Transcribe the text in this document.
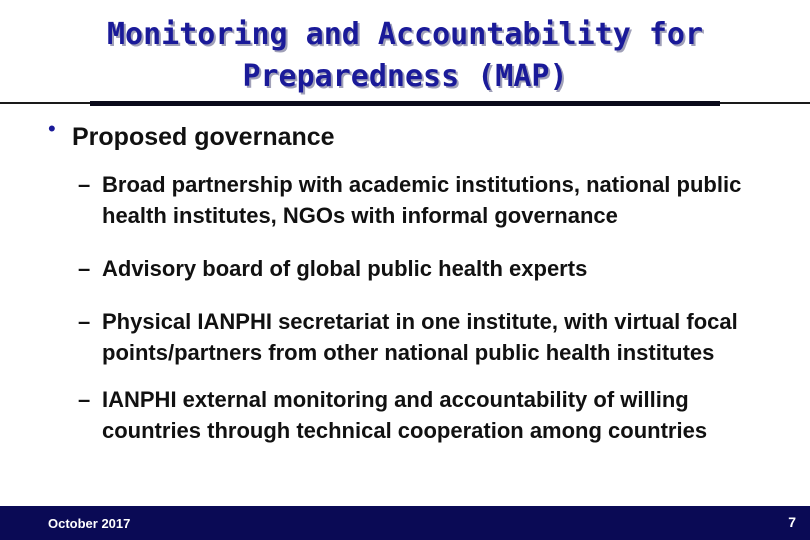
Monitoring and Accountability for
Preparedness (MAP)
• Proposed governance
– Broad partnership with academic institutions, national public health institutes, NGOs with informal governance
– Advisory board of global public health experts
– Physical IANPHI secretariat in one institute, with virtual focal points/partners from other national public health institutes
– IANPHI external monitoring and accountability of willing countries through technical cooperation among countries
October 2017	7
